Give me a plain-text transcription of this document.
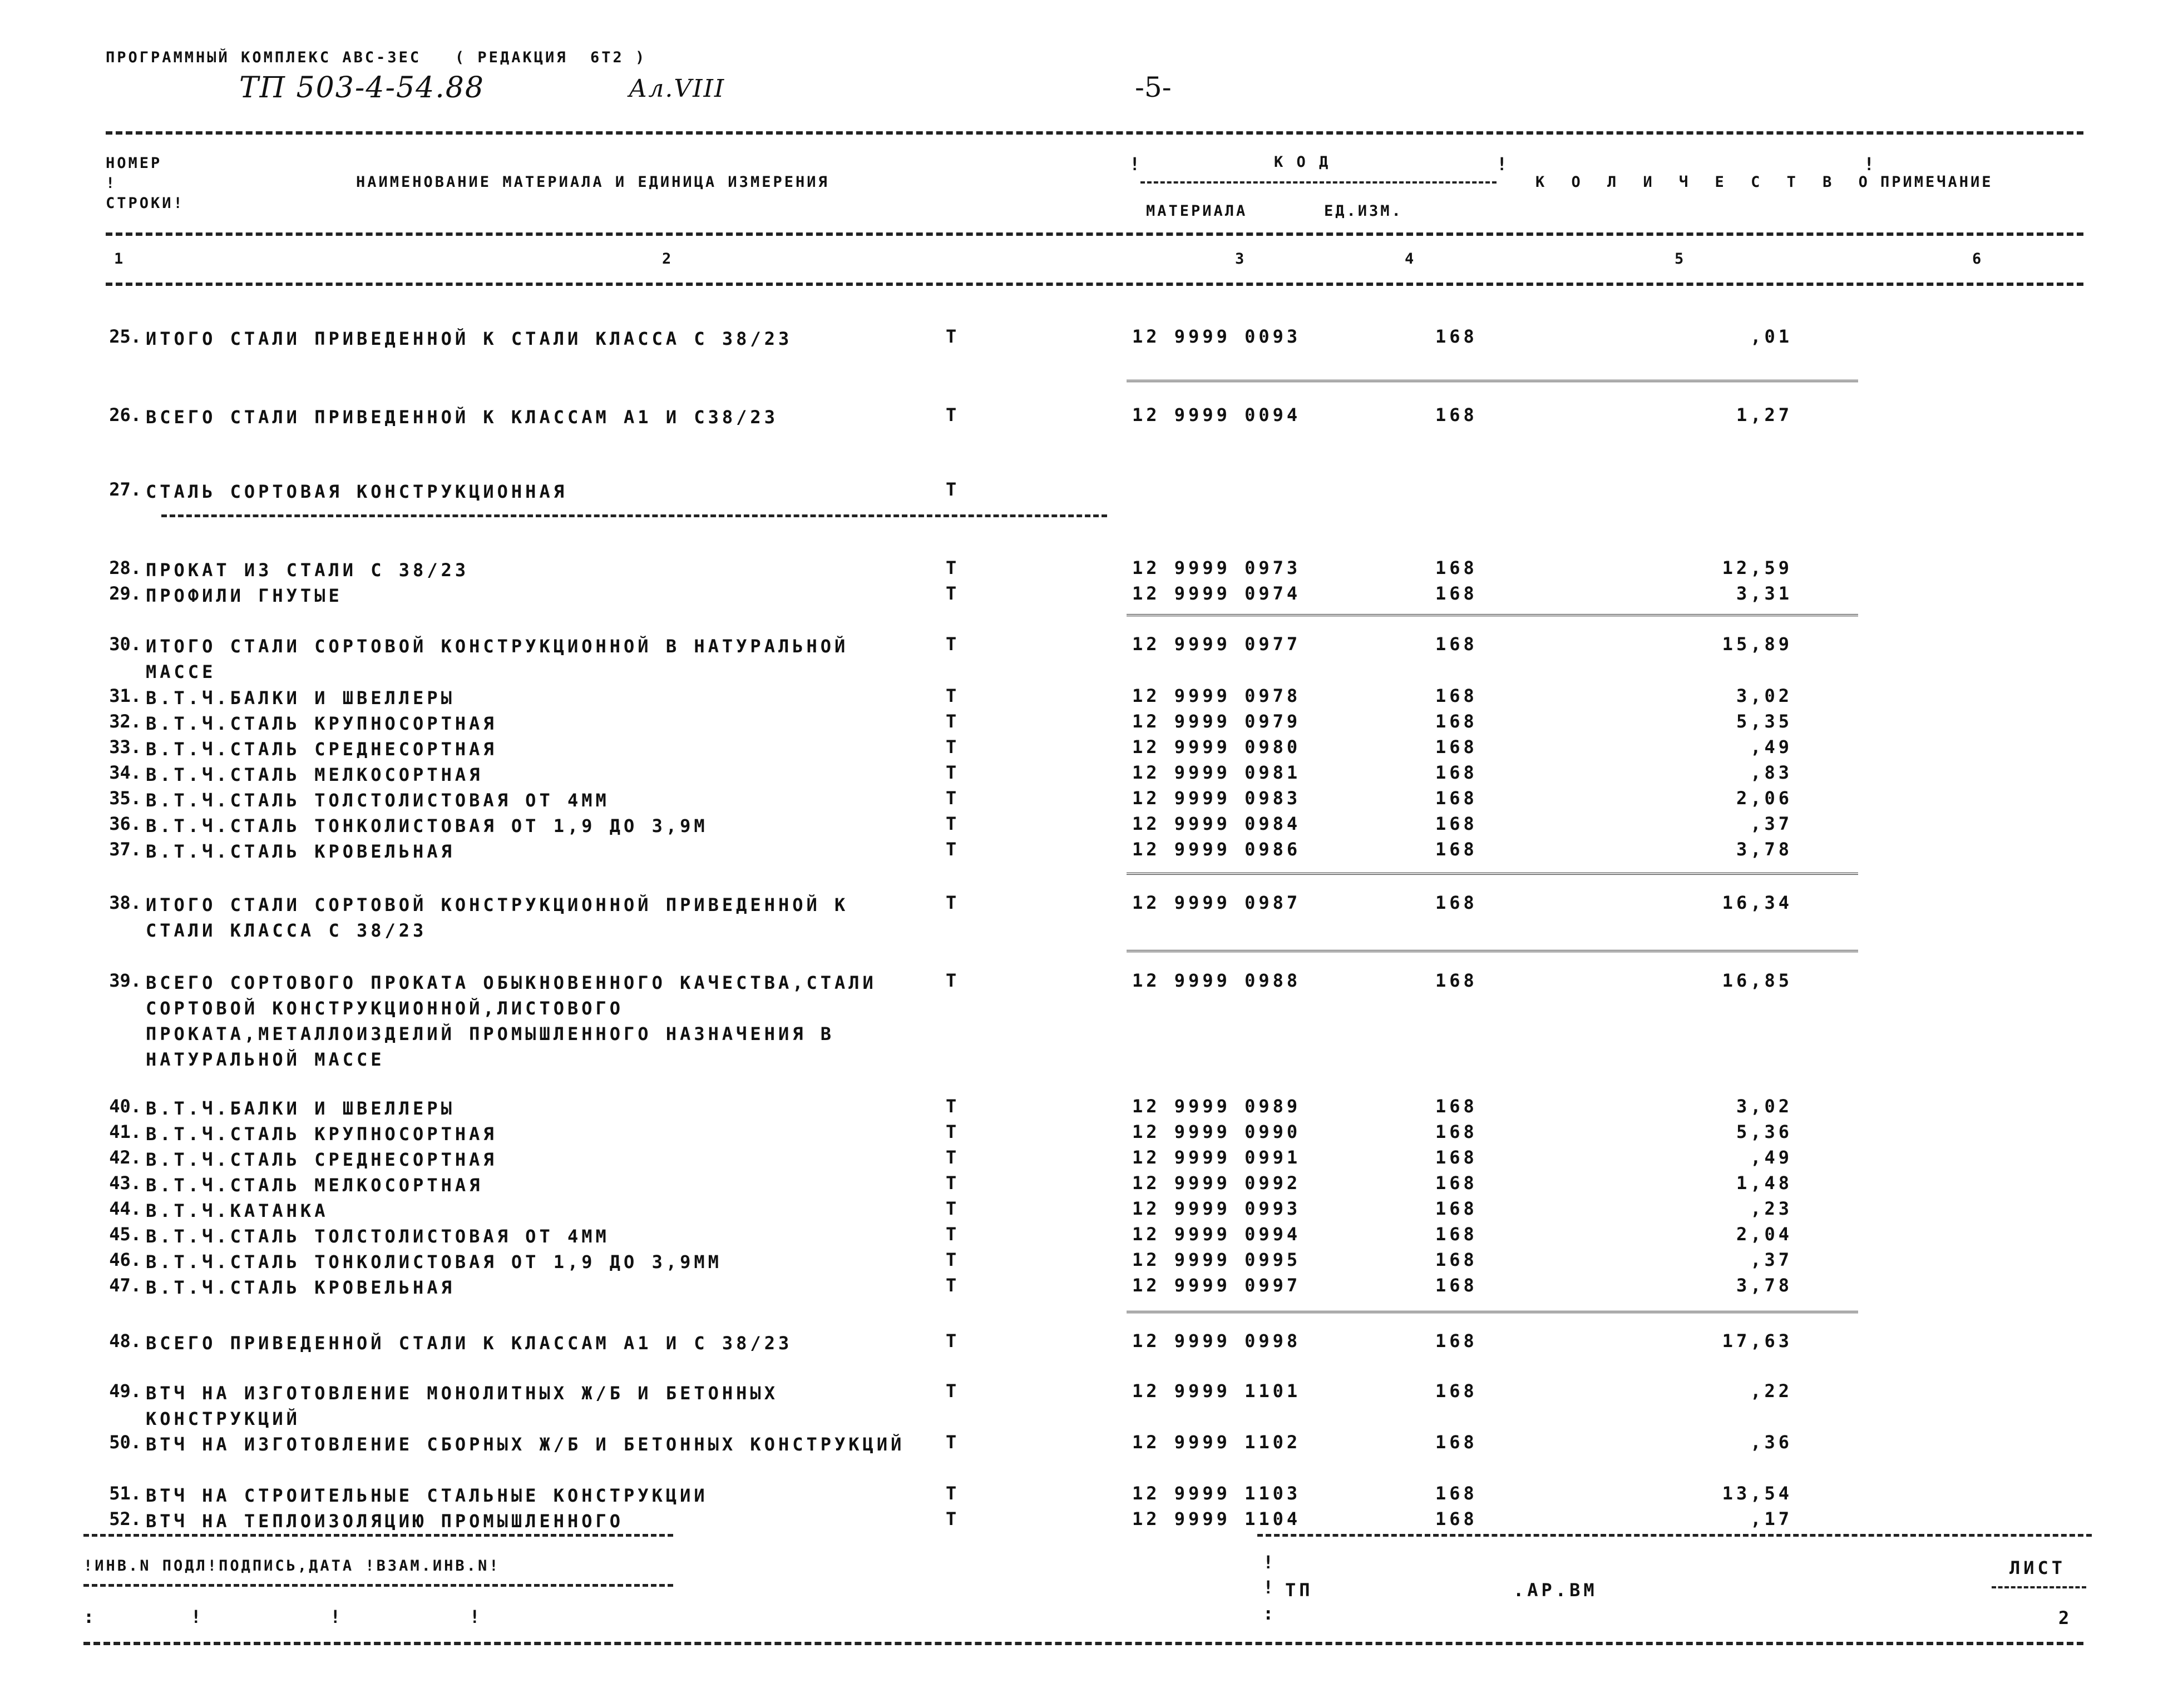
ПРОГРАММНЫЙ КОМПЛЕКС АВС-ЗЕС   ( РЕДАКЦИЯ  6Т2 )
ТП 503-4-54.88	Ал.VIII	-5-
НОМЕР ! СТРОКИ!
НАИМЕНОВАНИЕ МАТЕРИАЛА И ЕДИНИЦА ИЗМЕРЕНИЯ
К О Д
МАТЕРИАЛА	ЕД.ИЗМ.
К О Л И Ч Е С Т В О ПРИМЕЧАНИЕ
!	!	!
1	2	3	4	5	6
25. ИТОГО СТАЛИ ПРИВЕДЕННОЙ К СТАЛИ КЛАССА С 38/23	Т	12 9999 0093	168	,01
26. ВСЕГО СТАЛИ ПРИВЕДЕННОЙ К КЛАССАМ А1 И С38/23	Т	12 9999 0094	168	1,27
27. СТАЛЬ СОРТОВАЯ КОНСТРУКЦИОННАЯ	Т
28. ПРОКАТ ИЗ СТАЛИ С 38/23	Т	12 9999 0973	168	12,59
29. ПРОФИЛИ ГНУТЫЕ	Т	12 9999 0974	168	3,31
30. ИТОГО СТАЛИ СОРТОВОЙ КОНСТРУКЦИОННОЙ В НАТУРАЛЬНОЙ МАССЕ
Т	12 9999 0977	168	15,89
31. В.Т.Ч.БАЛКИ И ШВЕЛЛЕРЫ	Т	12 9999 0978	168	3,02
32. В.Т.Ч.СТАЛЬ КРУПНОСОРТНАЯ	Т	12 9999 0979	168	5,35
33. В.Т.Ч.СТАЛЬ СРЕДНЕСОРТНАЯ	Т	12 9999 0980	168	,49
34. В.Т.Ч.СТАЛЬ МЕЛКОСОРТНАЯ	Т	12 9999 0981	168	,83
35. В.Т.Ч.СТАЛЬ ТОЛСТОЛИСТОВАЯ ОТ 4ММ	Т	12 9999 0983	168	2,06
36. В.Т.Ч.СТАЛЬ ТОНКОЛИСТОВАЯ ОТ 1,9 ДО 3,9М	Т	12 9999 0984	168	,37
37. В.Т.Ч.СТАЛЬ КРОВЕЛЬНАЯ	Т	12 9999 0986	168	3,78
38. ИТОГО СТАЛИ СОРТОВОЙ КОНСТРУКЦИОННОЙ ПРИВЕДЕННОЙ К СТАЛИ КЛАССА С 38/23
Т	12 9999 0987	168	16,34
39. ВСЕГО СОРТОВОГО ПРОКАТА ОБЫКНОВЕННОГО КАЧЕСТВА,СТАЛИ СОРТОВОЙ КОНСТРУКЦИОННОЙ,ЛИСТОВОГО ПРОКАТА,МЕТАЛЛОИЗДЕЛИЙ ПРОМЫШЛЕННОГО НАЗНАЧЕНИЯ В НАТУРАЛЬНОЙ МАССЕ
Т	12 9999 0988	168	16,85
40. В.Т.Ч.БАЛКИ И ШВЕЛЛЕРЫ	Т	12 9999 0989	168	3,02
41. В.Т.Ч.СТАЛЬ КРУПНОСОРТНАЯ	Т	12 9999 0990	168	5,36
42. В.Т.Ч.СТАЛЬ СРЕДНЕСОРТНАЯ	Т	12 9999 0991	168	,49
43. В.Т.Ч.СТАЛЬ МЕЛКОСОРТНАЯ	Т	12 9999 0992	168	1,48
44. В.Т.Ч.КАТАНКА	Т	12 9999 0993	168	,23
45. В.Т.Ч.СТАЛЬ ТОЛСТОЛИСТОВАЯ ОТ 4ММ	Т	12 9999 0994	168	2,04
46. В.Т.Ч.СТАЛЬ ТОНКОЛИСТОВАЯ ОТ 1,9 ДО 3,9ММ	Т	12 9999 0995	168	,37
47. В.Т.Ч.СТАЛЬ КРОВЕЛЬНАЯ	Т	12 9999 0997	168	3,78
48. ВСЕГО ПРИВЕДЕННОЙ СТАЛИ К КЛАССАМ А1 И С 38/23	Т	12 9999 0998	168	17,63
49. ВТЧ НА ИЗГОТОВЛЕНИЕ МОНОЛИТНЫХ Ж/Б И БЕТОННЫХ КОНСТРУКЦИЙ
Т	12 9999 1101	168	,22
50. ВТЧ НА ИЗГОТОВЛЕНИЕ СБОРНЫХ Ж/Б И БЕТОННЫХ КОНСТРУКЦИЙ	Т	12 9999 1102	168	,36
51. ВТЧ НА СТРОИТЕЛЬНЫЕ СТАЛЬНЫЕ КОНСТРУКЦИИ	Т	12 9999 1103	168	13,54
52. ВТЧ НА ТЕПЛОИЗОЛЯЦИЮ ПРОМЫШЛЕННОГО	Т	12 9999 1104	168	,17
!ИНВ.N ПОДЛ!ПОДПИСЬ,ДАТА !ВЗАМ.ИНВ.N!
:         !            !            !
!
! ТП	.АР.ВМ
:
ЛИСТ
2
